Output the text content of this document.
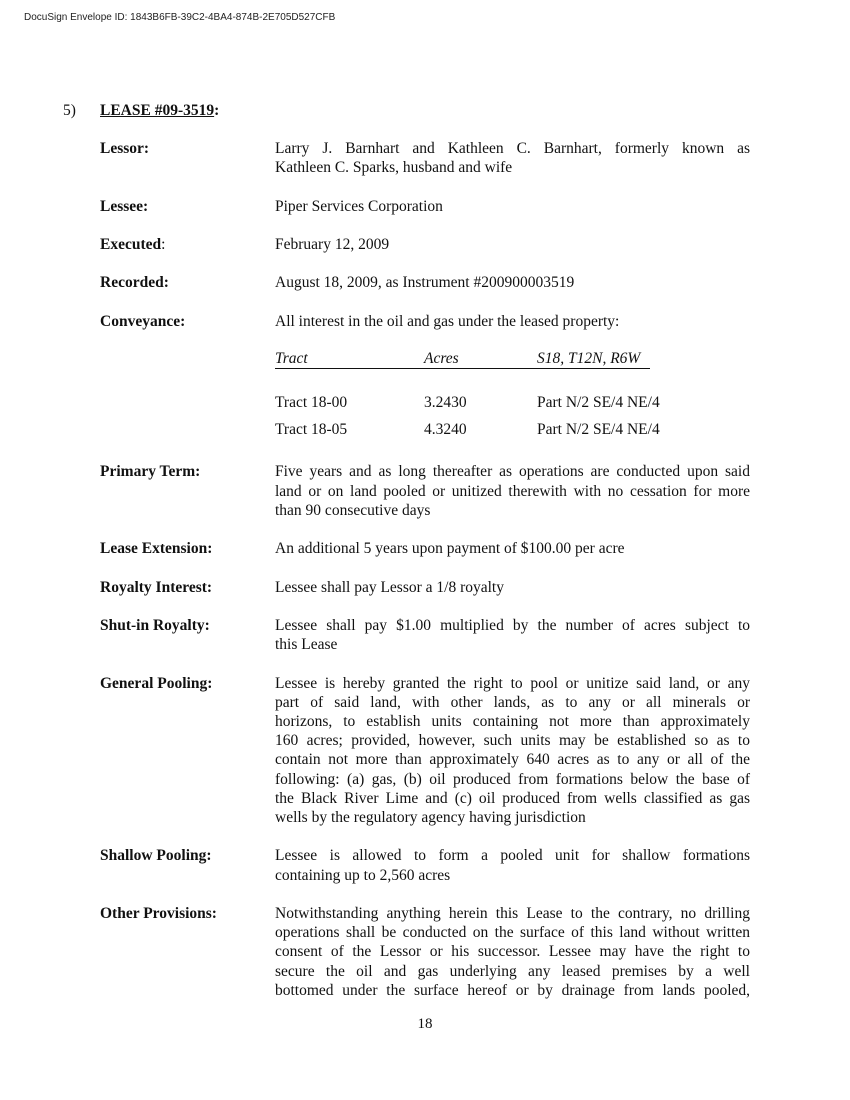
DocuSign Envelope ID: 1843B6FB-39C2-4BA4-874B-2E705D527CFB
5) LEASE #09-3519:
Lessor:	Larry J. Barnhart and Kathleen C. Barnhart, formerly known as
Kathleen C. Sparks, husband and wife
Lessee:	Piper Services Corporation
Executed:	February 12, 2009
Recorded:	August 18, 2009, as Instrument #200900003519
Conveyance:	All interest in the oil and gas under the leased property:
Tract	Acres	S18, T12N, R6W
Tract 18-00	3.2430	Part N/2 SE/4 NE/4
Tract 18-05	4.3240	Part N/2 SE/4 NE/4
Primary Term:	Five years and as long thereafter as operations are conducted upon said
land or on land pooled or unitized therewith with no cessation for more
than 90 consecutive days
Lease Extension:	An additional 5 years upon payment of $100.00 per acre
Royalty Interest:	Lessee shall pay Lessor a 1/8 royalty
Shut-in Royalty:	Lessee shall pay $1.00 multiplied by the number of acres subject to
this Lease
General Pooling:	Lessee is hereby granted the right to pool or unitize said land, or any
part of said land, with other lands, as to any or all minerals or
horizons, to establish units containing not more than approximately
160 acres; provided, however, such units may be established so as to
contain not more than approximately 640 acres as to any or all of the
following: (a) gas, (b) oil produced from formations below the base of
the Black River Lime and (c) oil produced from wells classified as gas
wells by the regulatory agency having jurisdiction
Shallow Pooling:	Lessee is allowed to form a pooled unit for shallow formations
containing up to 2,560 acres
Other Provisions:	Notwithstanding anything herein this Lease to the contrary, no drilling
operations shall be conducted on the surface of this land without written
consent of the Lessor or his successor. Lessee may have the right to
secure the oil and gas underlying any leased premises by a well
bottomed under the surface hereof or by drainage from lands pooled,
18
